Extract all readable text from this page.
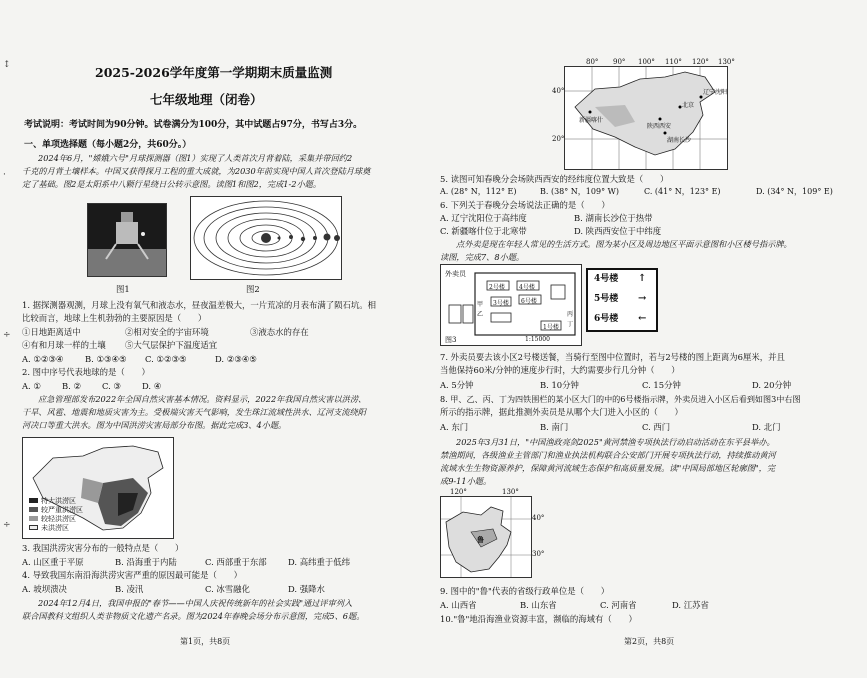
↕
·
÷
÷
2025-2026学年度第一学期期末质量监测
七年级地理（闭卷）
考试说明：考试时间为90分钟。试卷满分为100分，其中试题占97分，书写占3分。
一、单项选择题（每小题2分，共60分。）
2024年6月，"嫦娥六号"月球探测器（图1）实现了人类首次月背着陆，采集并带回约2
千克的月背土壤样本。中国又获得探月工程的重大成就，为2030年前实现中国人首次登陆月球奠
定了基础。图2是太阳系中八颗行星绕日公转示意图。读图1和图2，完成1-2小题。
图1	图2
1. 据探测器观测，月球上没有氧气和液态水，昼夜温差极大，一片荒凉的月表布满了陨石坑。相
比较而言，地球上生机勃勃的主要原因是（　　）
①日地距离适中	②相对安全的宇宙环境	③液态水的存在
④有和月球一样的土壤 ⑤大气层保护下温度适宜
A. ①②③④	B. ①③④⑤ C. ①②③⑤	D. ②③④⑤
2. 图中序号代表地球的是（　　）
A. ①	B. ②	C. ③	D. ④
应急管理部发布2022年全国自然灾害基本情况。资料显示，2022年我国自然灾害以洪涝、
干旱、风雹、地震和地质灾害为主。受极端灾害天气影响，发生珠江流域性洪水、辽河支流绕阳
河决口等重大洪水。图为中国洪涝灾害局部分布图。据此完成3、4小题。
特大洪涝区
较严重洪涝区
较轻洪涝区
未洪涝区
3. 我国洪涝灾害分布的一般特点是（　　）
A. 山区重于平原	B. 沿海重于内陆	C. 西部重于东部	D. 高纬重于低纬
4. 导致我国东南沿海洪涝灾害严重的原因最可能是（　　）
A. 坡坝溃决	B. 凌汛	C. 冰雪融化	D. 强降水
2024年12月4日，我国申报的"春节——中国人庆祝传统新年的社会实践"通过评审列入
联合国教科文组织人类非物质文化遗产名录。图为2024年春晚会场分布示意图，完成5、6题。
第1页，共8页
辽宁沈阳
新疆喀什
北京
陕西西安
湖南长沙
40°
20°
80° 90° 100° 110° 120° 130°
5. 读图可知春晚分会场陕西西安的经纬度位置大致是（　　）
A. (28° N，112° E)	B. (38° N，109° W)	C. (41° N，123° E)	D. (34° N，109° E)
6. 下列关于春晚分会场说法正确的是（　　）
A. 辽宁沈阳位于高纬度	B. 湖南长沙位于热带
C. 新疆喀什位于北寒带	D. 陕西西安位于中纬度
点外卖是现在年轻人常见的生活方式。图为某小区及周边地区平面示意图和小区楼号指示牌。
读图，完成7、8小题。
外卖员
图3	1:15000
2号楼 4号楼
3号楼 6号楼
1号楼
甲
乙	丙
丁
4号楼 ↑
5号楼 →
6号楼 ←
7. 外卖员要去该小区2号楼送餐，当骑行至图中位置时，若与2号楼的图上距离为6厘米，并且
当他保持60米/分钟的速度步行时，大约需要步行几分钟（　　）
A. 5分钟	B. 10分钟	C. 15分钟	D. 20分钟
8. 甲、乙、丙、丁为四铁围栏的某小区大门的中的6号楼指示牌，外卖员进入小区后看到如图3中右图
所示的指示牌，据此推测外卖员是从哪个大门进入小区的（　　）
A. 东门	B. 南门	C. 西门	D. 北门
2025年3月31日，"中国渔政亮剑2025"黄河禁渔专项执法行动启动活动在东平县举办。
禁渔期间，各级渔业主管部门和渔业执法机构联合公安部门开展专项执法行动，持续推动黄河
流域水生生物资源养护，保障黄河流域生态保护和高质量发展。读"中国局部地区轮廓图"，完
成9-11小题。
鲁
120°	130°
40°
30°
9. 图中的"鲁"代表的省级行政单位是（　　）
A. 山西省	B. 山东省	C. 河南省	D. 江苏省
10."鲁"地沿海渔业资源丰富，濒临的海域有（　　）
第2页，共8页
